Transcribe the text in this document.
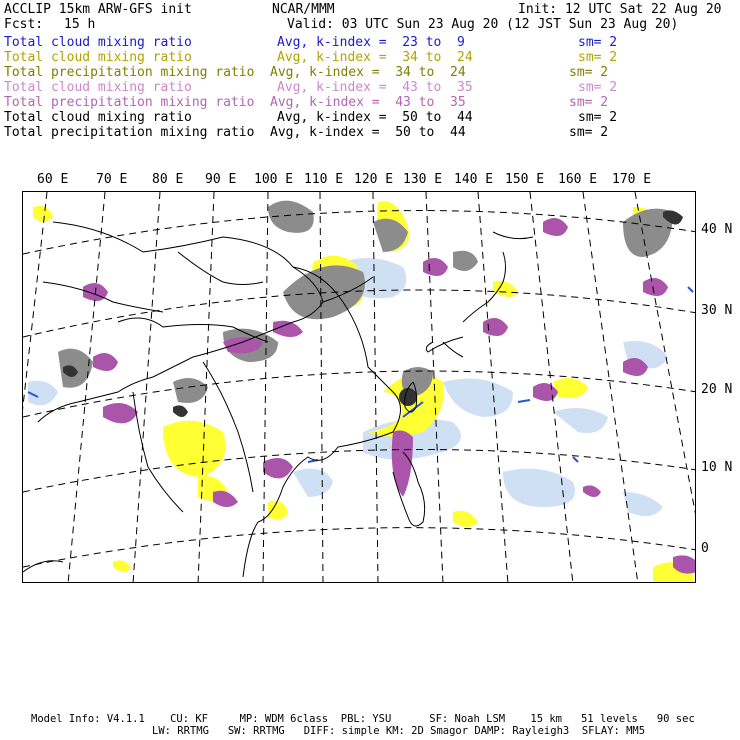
ACCLIP 15km ARW-GFS init	NCAR/MMM	Init: 12 UTC Sat 22 Aug 20
Fcst: 15 h	Valid: 03 UTC Sun 23 Aug 20 (12 JST Sun 23 Aug 20)
Total cloud mixing ratio	Avg, k-index =  23 to  9	sm= 2
Total cloud mixing ratio	Avg, k-index =  34 to  24	sm= 2
Total precipitation mixing ratio Avg, k-index =  34 to  24	sm= 2
Total cloud mixing ratio	Avg, k-index =  43 to  35	sm= 2
Total precipitation mixing ratio Avg, k-index =  43 to  35	sm= 2
Total cloud mixing ratio	Avg, k-index =  50 to  44	sm= 2
Total precipitation mixing ratio Avg, k-index =  50 to  44	sm= 2
60 E 70 E 80 E 90 E 100 E 110 E 120 E 130 E 140 E 150 E 160 E 170 E
40 N
30 N
20 N
10 N
0
Model Info: V4.1.1    CU: KF     MP: WDM 6class  PBL: YSU      SF: Noah LSM    15 km   51 levels   90 sec
LW: RRTMG   SW: RRTMG   DIFF: simple KM: 2D Smagor DAMP: Rayleigh3  SFLAY: MM5
